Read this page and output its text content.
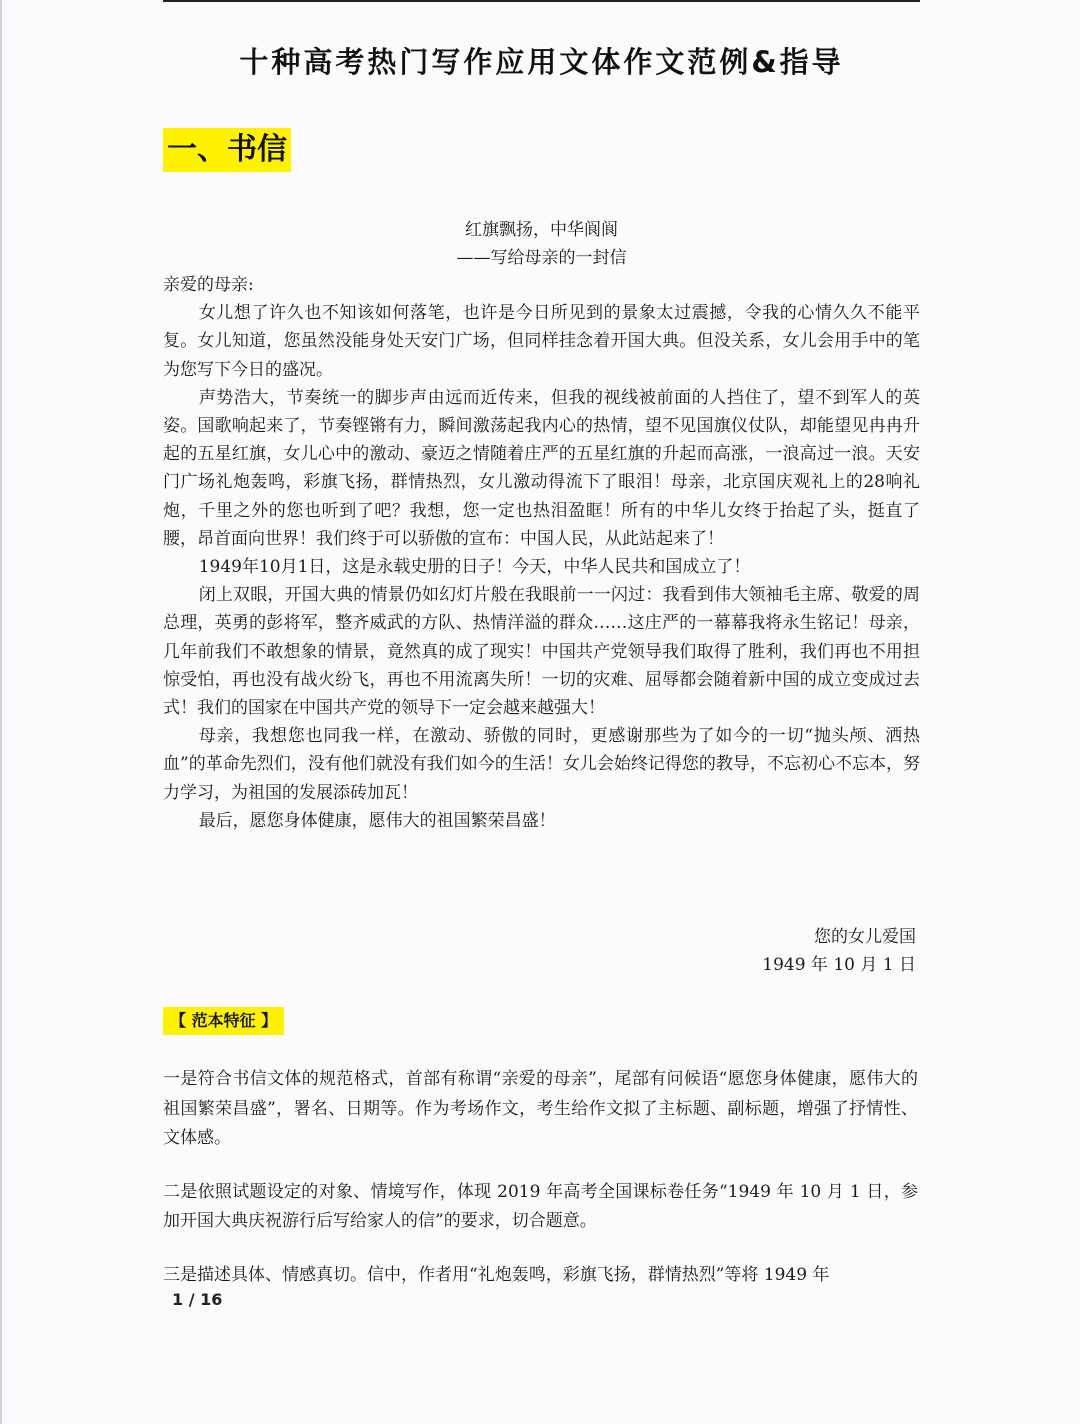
十种高考热门写作应用文体作文范例&指导
一、书信
红旗飘扬，中华阆阆
——写给母亲的一封信

亲爱的母亲:

女儿想了许久也不知该如何落笔，也许是今日所见到的景象太过震撼，令我的心情久久不能平复。女儿知道，您虽然没能身处天安门广场，但同样挂念着开国大典。但没关系，女儿会用手中的笔为您写下今日的盛况。

声势浩大，节奏统一的脚步声由远而近传来，但我的视线被前面的人挡住了，望不到军人的英姿。国歌响起来了，节奏铿锵有力，瞬间激荡起我内心的热情，望不见国旗仪仗队，却能望见冉冉升起的五星红旗，女儿心中的激动、豪迈之情随着庄严的五星红旗的升起而高涨，一浪高过一浪。天安门广场礼炮轰鸣，彩旗飞扬，群情热烈，女儿激动得流下了眼泪！母亲，北京国庆观礼上的28响礼炮，千里之外的您也听到了吧？我想，您一定也热泪盈眶！所有的中华儿女终于抬起了头，挺直了腰，昂首面向世界！我们终于可以骄傲的宣布：中国人民，从此站起来了！

1949年10月1日，这是永载史册的日子！今天，中华人民共和国成立了！

闭上双眼，开国大典的情景仍如幻灯片般在我眼前一一闪过：我看到伟大领袖毛主席、敬爱的周总理，英勇的彭将军，整齐威武的方队、热情洋溢的群众……这庄严的一幕幕我将永生铭记！母亲，几年前我们不敢想象的情景，竟然真的成了现实！中国共产党领导我们取得了胜利，我们再也不用担惊受怕，再也没有战火纷飞，再也不用流离失所！一切的灾难、屈辱都会随着新中国的成立变成过去式！我们的国家在中国共产党的领导下一定会越来越强大！

母亲，我想您也同我一样，在激动、骄傲的同时，更感谢那些为了如今的一切“抛头颅、洒热血”的革命先烈们，没有他们就没有我们如今的生活！女儿会始终记得您的教导，不忘初心不忘本，努力学习，为祖国的发展添砖加瓦！

最后，愿您身体健康，愿伟大的祖国繁荣昌盛！

您的女儿爱国
1949 年 10 月 1 日
【 范本特征 】

一是符合书信文体的规范格式，首部有称谓“亲爱的母亲”，尾部有问候语“愿您身体健康，愿伟大的祖国繁荣昌盛”，署名、日期等。作为考场作文，考生给作文拟了主标题、副标题，增强了抒情性、文体感。

二是依照试题设定的对象、情境写作，体现 2019 年高考全国课标卷任务“1949 年 10 月 1 日，参加开国大典庆祝游行后写给家人的信”的要求，切合题意。

三是描述具体、情感真切。信中，作者用“礼炮轰鸣，彩旗飞扬，群情热烈”等将 1949 年

1 / 16
